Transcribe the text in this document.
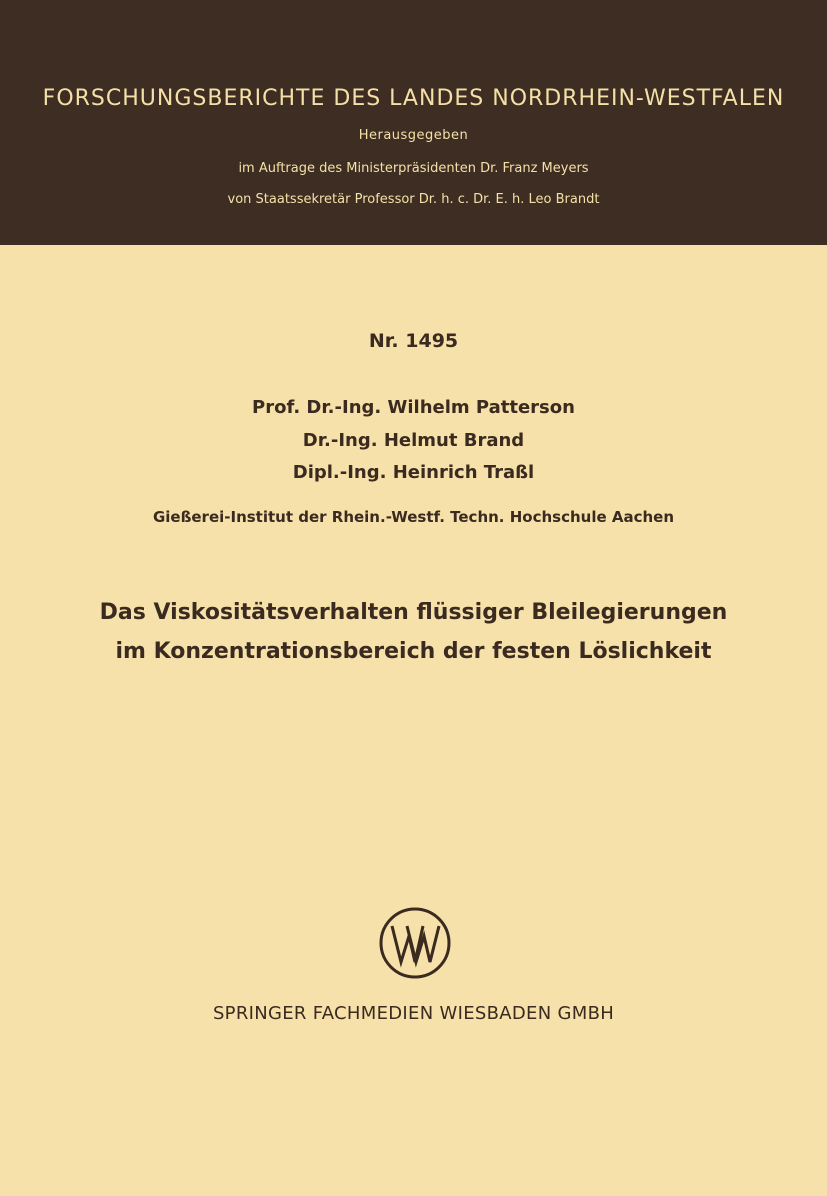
FORSCHUNGSBERICHTE DES LANDES NORDRHEIN-WESTFALEN
Herausgegeben
im Auftrage des Ministerpräsidenten Dr. Franz Meyers
von Staatssekretär Professor Dr. h. c. Dr. E. h. Leo Brandt
Nr. 1495
Prof. Dr.-Ing. Wilhelm Patterson
Dr.-Ing. Helmut Brand
Dipl.-Ing. Heinrich Traßl
Gießerei-Institut der Rhein.-Westf. Techn. Hochschule Aachen
Das Viskositätsverhalten flüssiger Bleilegierungen
im Konzentrationsbereich der festen Löslichkeit
SPRINGER FACHMEDIEN WIESBADEN GMBH
